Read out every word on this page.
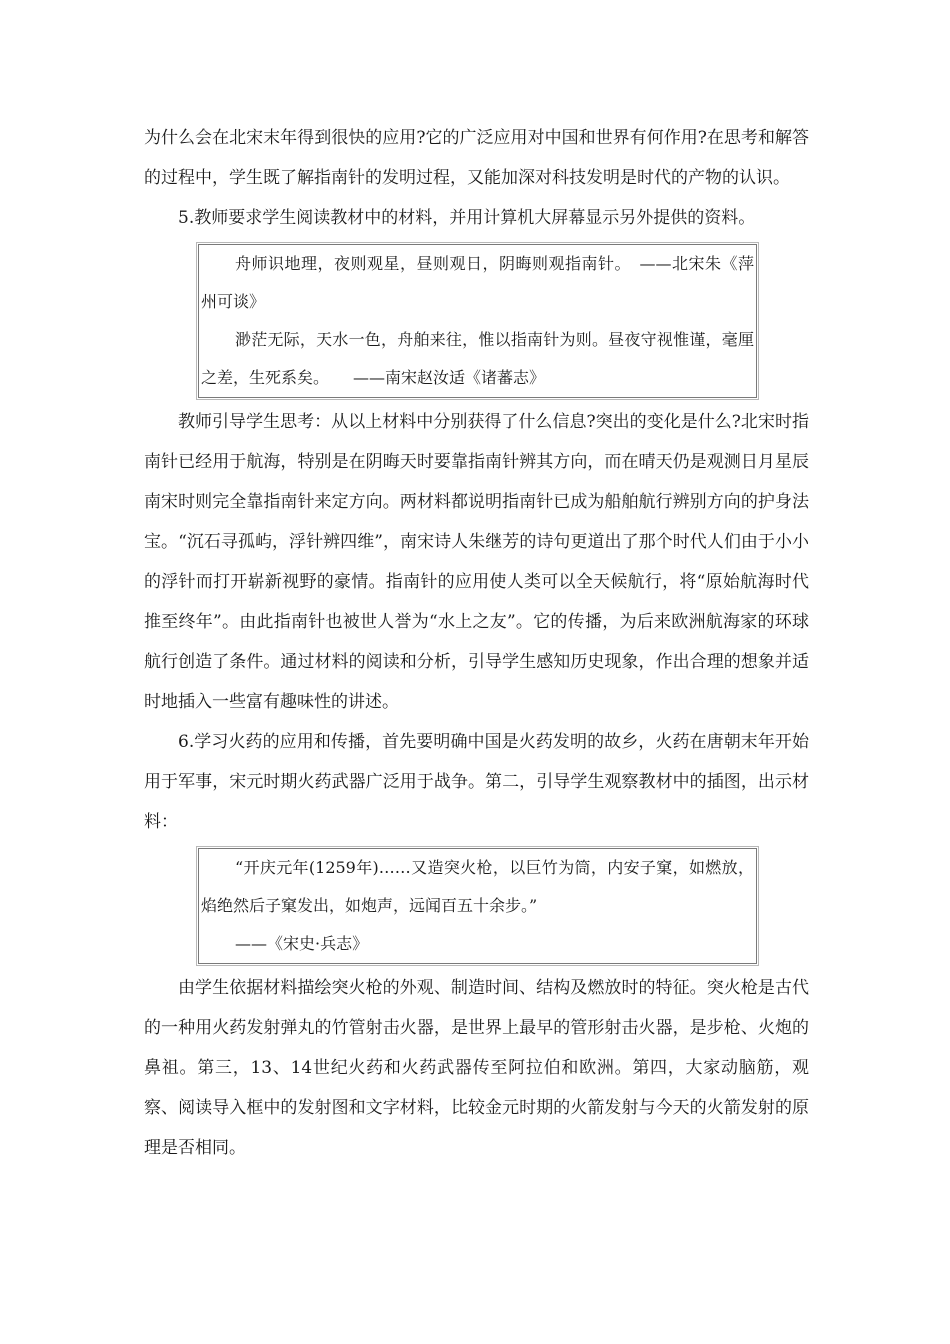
为什么会在北宋末年得到很快的应用?它的广泛应用对中国和世界有何作用?在思考和解答的过程中，学生既了解指南针的发明过程，又能加深对科技发明是时代的产物的认识。

5.教师要求学生阅读教材中的材料，并用计算机大屏幕显示另外提供的资料。

舟师识地理，夜则观星，昼则观日，阴晦则观指南针。　——北宋朱《萍州可谈》

渺茫无际，天水一色，舟舶来往，惟以指南针为则。昼夜守视惟谨，毫厘之差，生死系矣。　　——南宋赵汝适《诸蕃志》

教师引导学生思考：从以上材料中分别获得了什么信息?突出的变化是什么?北宋时指南针已经用于航海，特别是在阴晦天时要靠指南针辨其方向，而在晴天仍是观测日月星辰南宋时则完全靠指南针来定方向。两材料都说明指南针已成为船舶航行辨别方向的护身法宝。“沉石寻孤屿，浮针辨四维”，南宋诗人朱继芳的诗句更道出了那个时代人们由于小小的浮针而打开崭新视野的豪情。指南针的应用使人类可以全天候航行，将“原始航海时代推至终年”。由此指南针也被世人誉为“水上之友”。它的传播，为后来欧洲航海家的环球航行创造了条件。通过材料的阅读和分析，引导学生感知历史现象，作出合理的想象并适时地插入一些富有趣味性的讲述。

6.学习火药的应用和传播，首先要明确中国是火药发明的故乡，火药在唐朝末年开始用于军事，宋元时期火药武器广泛用于战争。第二，引导学生观察教材中的插图，出示材料：

“开庆元年(1259年)……又造突火枪，以巨竹为筒，内安子窠，如燃放，焰绝然后子窠发出，如炮声，远闻百五十余步。”

——《宋史·兵志》

由学生依据材料描绘突火枪的外观、制造时间、结构及燃放时的特征。突火枪是古代的一种用火药发射弹丸的竹管射击火器，是世界上最早的管形射击火器，是步枪、火炮的鼻祖。第三，13、14世纪火药和火药武器传至阿拉伯和欧洲。第四，大家动脑筋，观察、阅读导入框中的发射图和文字材料，比较金元时期的火箭发射与今天的火箭发射的原理是否相同。
